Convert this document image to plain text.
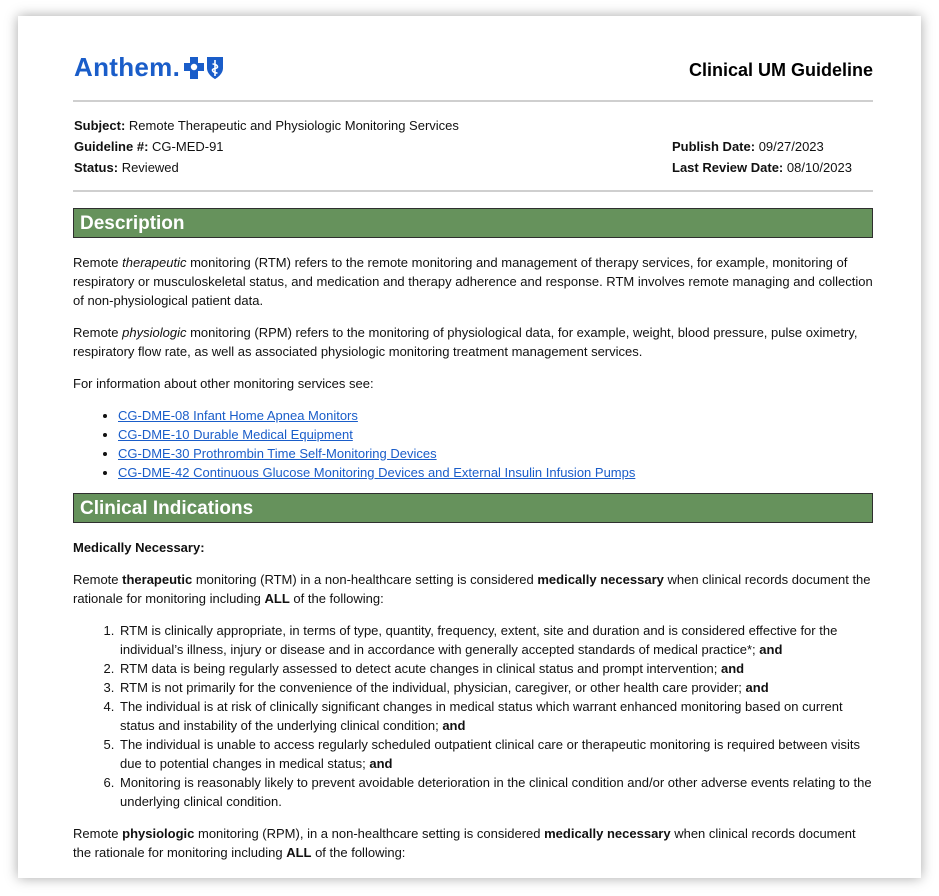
Anthem.	Clinical UM Guideline
Subject: Remote Therapeutic and Physiologic Monitoring Services
Guideline #: CG-MED-91
Status: Reviewed
Publish Date: 09/27/2023
Last Review Date: 08/10/2023
Description

Remote therapeutic monitoring (RTM) refers to the remote monitoring and management of therapy services, for example, monitoring of respiratory or musculoskeletal status, and medication and therapy adherence and response. RTM involves remote managing and collection of non-physiological patient data.

Remote physiologic monitoring (RPM) refers to the monitoring of physiological data, for example, weight, blood pressure, pulse oximetry, respiratory flow rate, as well as associated physiologic monitoring treatment management services.

For information about other monitoring services see:

• CG-DME-08 Infant Home Apnea Monitors
• CG-DME-10 Durable Medical Equipment
• CG-DME-30 Prothrombin Time Self-Monitoring Devices
• CG-DME-42 Continuous Glucose Monitoring Devices and External Insulin Infusion Pumps
Clinical Indications

Medically Necessary:

Remote therapeutic monitoring (RTM) in a non-healthcare setting is considered medically necessary when clinical records document the rationale for monitoring including ALL of the following:

1. RTM is clinically appropriate, in terms of type, quantity, frequency, extent, site and duration and is considered effective for the individual’s illness, injury or disease and in accordance with generally accepted standards of medical practice*; and
2. RTM data is being regularly assessed to detect acute changes in clinical status and prompt intervention; and
3. RTM is not primarily for the convenience of the individual, physician, caregiver, or other health care provider; and
4. The individual is at risk of clinically significant changes in medical status which warrant enhanced monitoring based on current status and instability of the underlying clinical condition; and
5. The individual is unable to access regularly scheduled outpatient clinical care or therapeutic monitoring is required between visits due to potential changes in medical status; and
6. Monitoring is reasonably likely to prevent avoidable deterioration in the clinical condition and/or other adverse events relating to the underlying clinical condition.

Remote physiologic monitoring (RPM), in a non-healthcare setting is considered medically necessary when clinical records document the rationale for monitoring including ALL of the following:
